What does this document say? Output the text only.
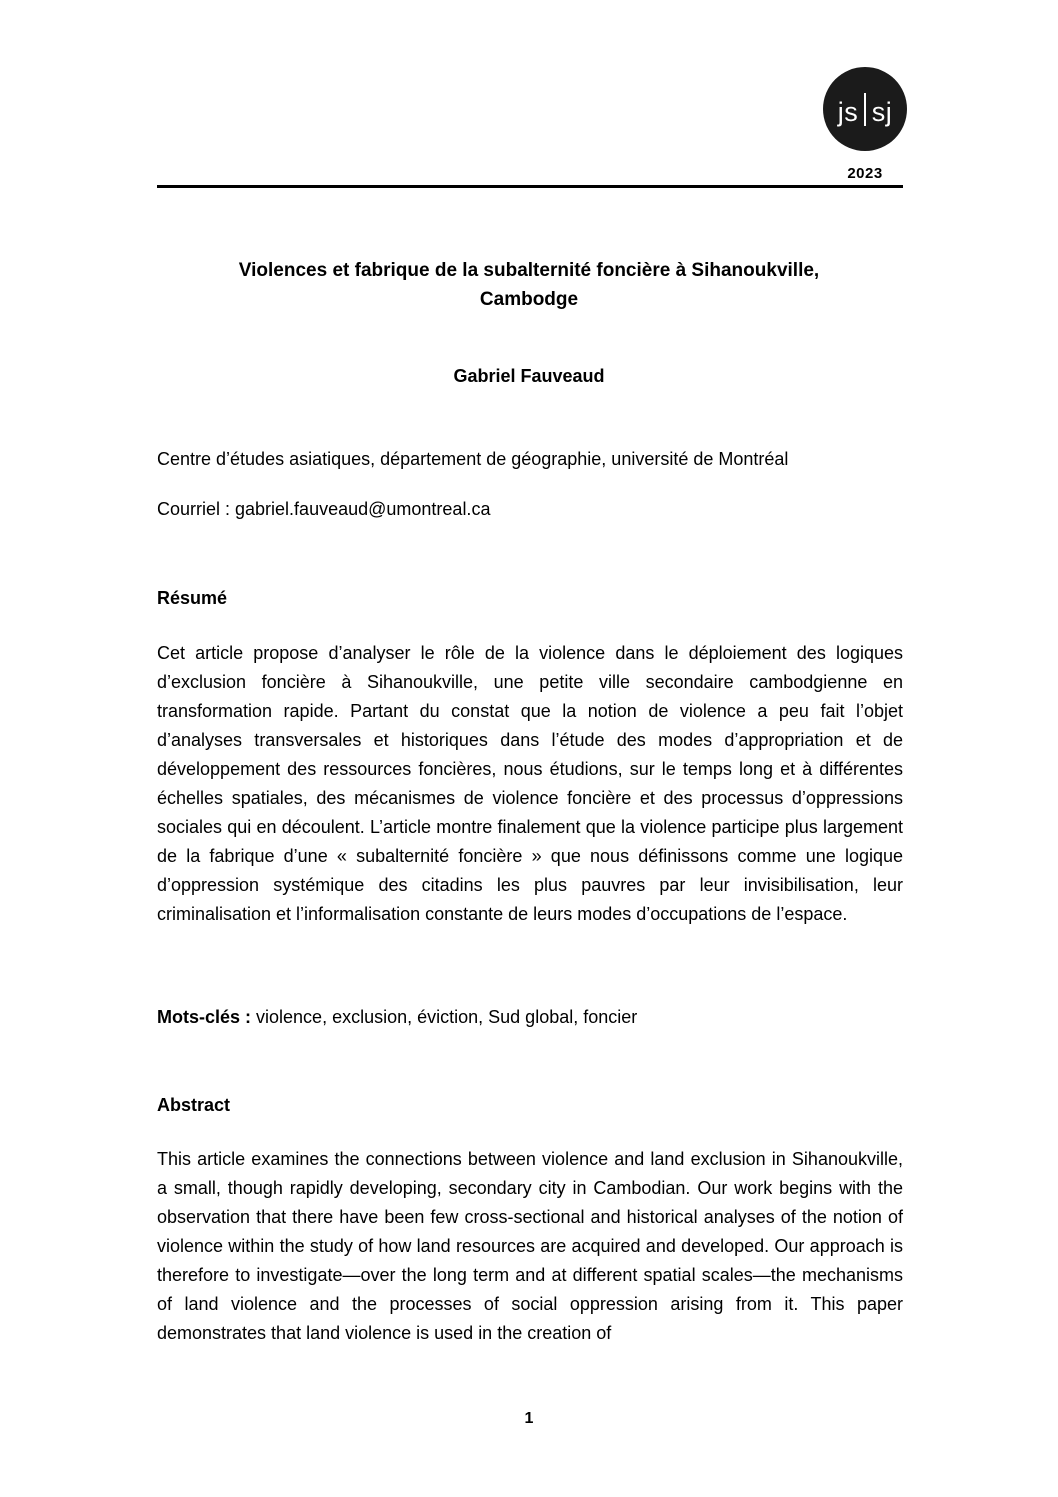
js sj
2023
Violences et fabrique de la subalternité foncière à Sihanoukville,
Cambodge
Gabriel Fauveaud
Centre d’études asiatiques, département de géographie, université de Montréal
Courriel : gabriel.fauveaud@umontreal.ca
Résumé
Cet article propose d’analyser le rôle de la violence dans le déploiement des logiques d’exclusion foncière à Sihanoukville, une petite ville secondaire cambodgienne en transformation rapide. Partant du constat que la notion de violence a peu fait l’objet d’analyses transversales et historiques dans l’étude des modes d’appropriation et de développement des ressources foncières, nous étudions, sur le temps long et à différentes échelles spatiales, des mécanismes de violence foncière et des processus d’oppressions sociales qui en découlent. L’article montre finalement que la violence participe plus largement de la fabrique d’une « subalternité foncière » que nous définissons comme une logique d’oppression systémique des citadins les plus pauvres par leur invisibilisation, leur criminalisation et l’informalisation constante de leurs modes d’occupations de l’espace.
Mots-clés : violence, exclusion, éviction, Sud global, foncier
Abstract
This article examines the connections between violence and land exclusion in Sihanoukville, a small, though rapidly developing, secondary city in Cambodian. Our work begins with the observation that there have been few cross-sectional and historical analyses of the notion of violence within the study of how land resources are acquired and developed. Our approach is therefore to investigate—over the long term and at different spatial scales—the mechanisms of land violence and the processes of social oppression arising from it. This paper demonstrates that land violence is used in the creation of
1
